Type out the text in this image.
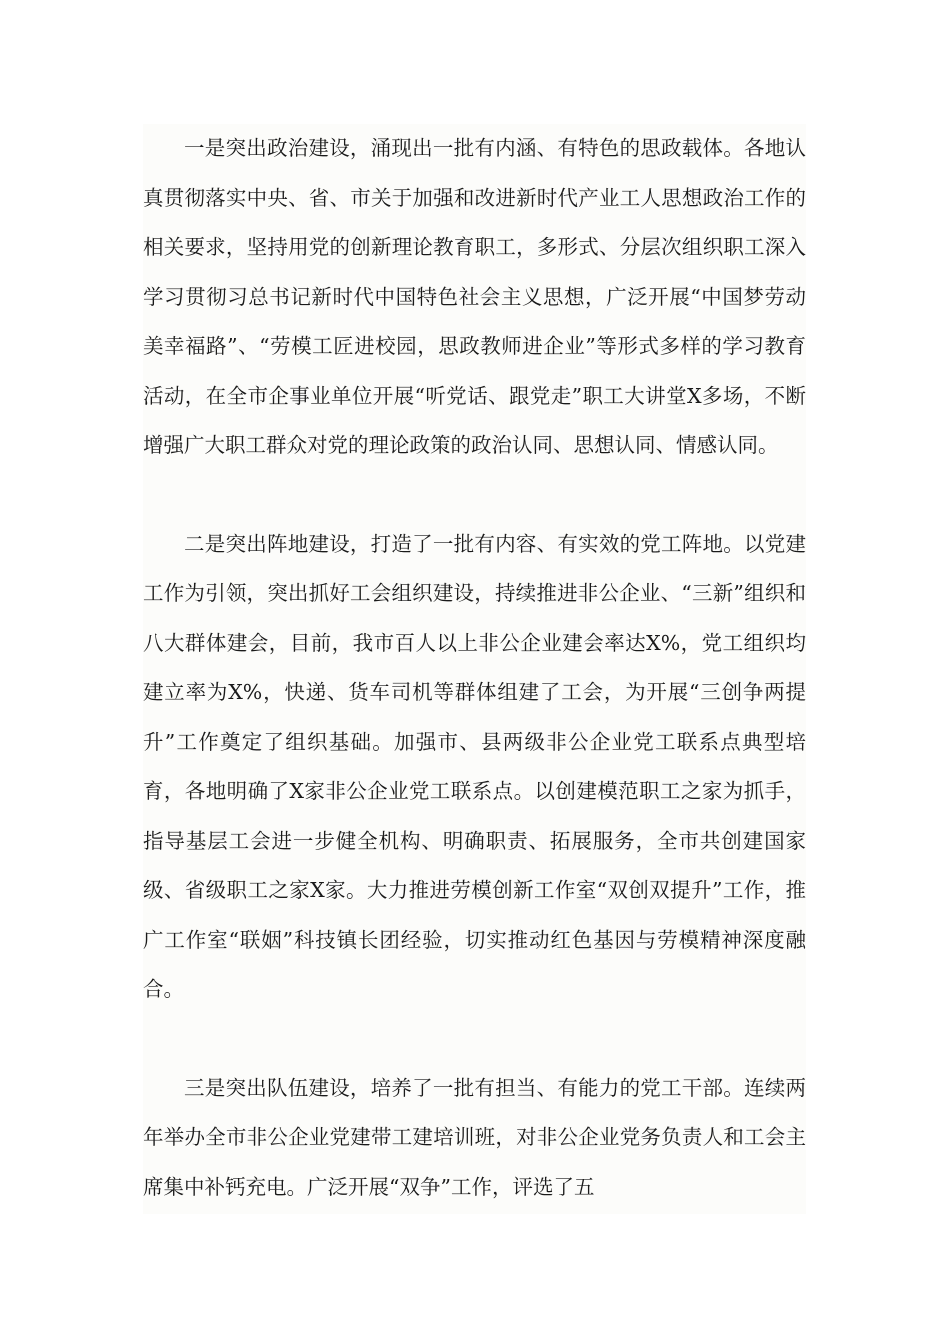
一是突出政治建设，涌现出一批有内涵、有特色的思政载体。各地认真贯彻落实中央、省、市关于加强和改进新时代产业工人思想政治工作的相关要求，坚持用党的创新理论教育职工，多形式、分层次组织职工深入学习贯彻习总书记新时代中国特色社会主义思想，广泛开展“中国梦劳动美幸福路”、“劳模工匠进校园，思政教师进企业”等形式多样的学习教育活动，在全市企事业单位开展“听党话、跟党走”职工大讲堂X多场，不断增强广大职工群众对党的理论政策的政治认同、思想认同、情感认同。

二是突出阵地建设，打造了一批有内容、有实效的党工阵地。以党建工作为引领，突出抓好工会组织建设，持续推进非公企业、“三新”组织和八大群体建会，目前，我市百人以上非公企业建会率达X%，党工组织均建立率为X%，快递、货车司机等群体组建了工会，为开展“三创争两提升”工作奠定了组织基础。加强市、县两级非公企业党工联系点典型培育，各地明确了X家非公企业党工联系点。以创建模范职工之家为抓手，指导基层工会进一步健全机构、明确职责、拓展服务，全市共创建国家级、省级职工之家X家。大力推进劳模创新工作室“双创双提升”工作，推广工作室“联姻”科技镇长团经验，切实推动红色基因与劳模精神深度融合。

三是突出队伍建设，培养了一批有担当、有能力的党工干部。连续两年举办全市非公企业党建带工建培训班，对非公企业党务负责人和工会主席集中补钙充电。广泛开展“双争”工作，评选了五
